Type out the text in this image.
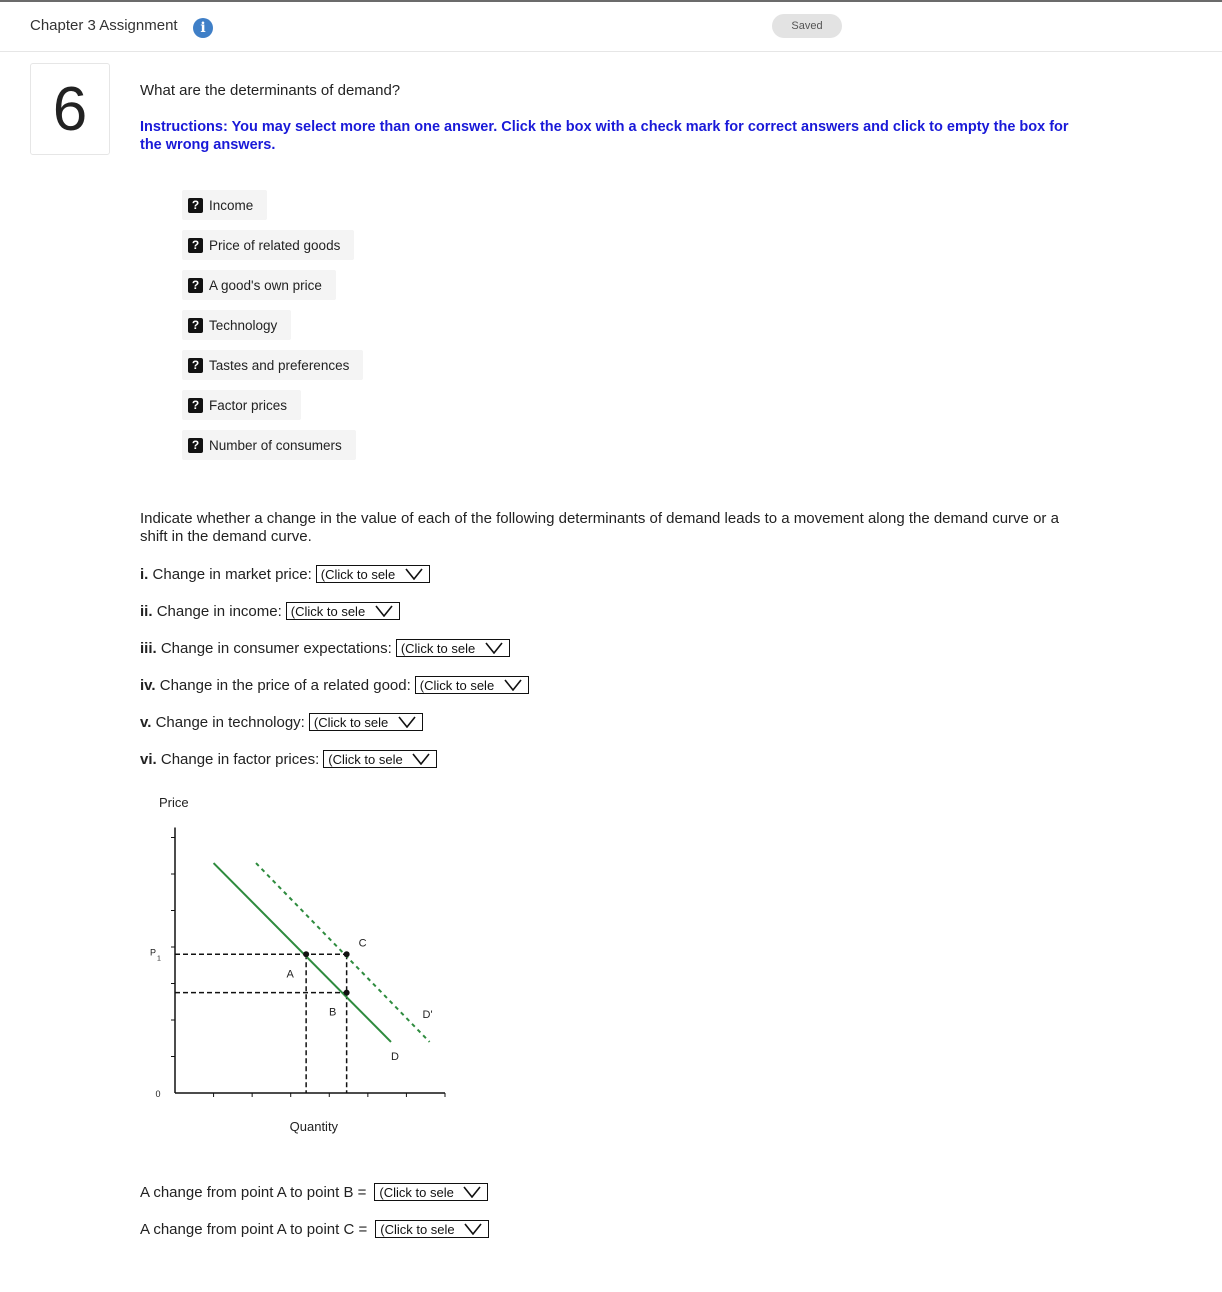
Chapter 3 Assignment	i	Saved
6	What are the determinants of demand?
Instructions: You may select more than one answer. Click the box with a check mark for correct answers and click to empty the box for the wrong answers.
? Income
? Price of related goods
? A good's own price
? Technology
? Tastes and preferences
? Factor prices
? Number of consumers
Indicate whether a change in the value of each of the following determinants of demand leads to a movement along the demand curve or a shift in the demand curve.
i.
Change in market price: (Click to sele
ii.
Change in income: (Click to sele
iii.
Change in consumer expectations: (Click to sele
iv.
Change in the price of a related good: (Click to sele
v.
Change in technology: (Click to sele
vi.
Change in factor prices: (Click to sele
Price
Quantity
0
P
1
D
D'
A
B
C
A change from point A to point B = (Click to sele
A change from point A to point C = (Click to sele
